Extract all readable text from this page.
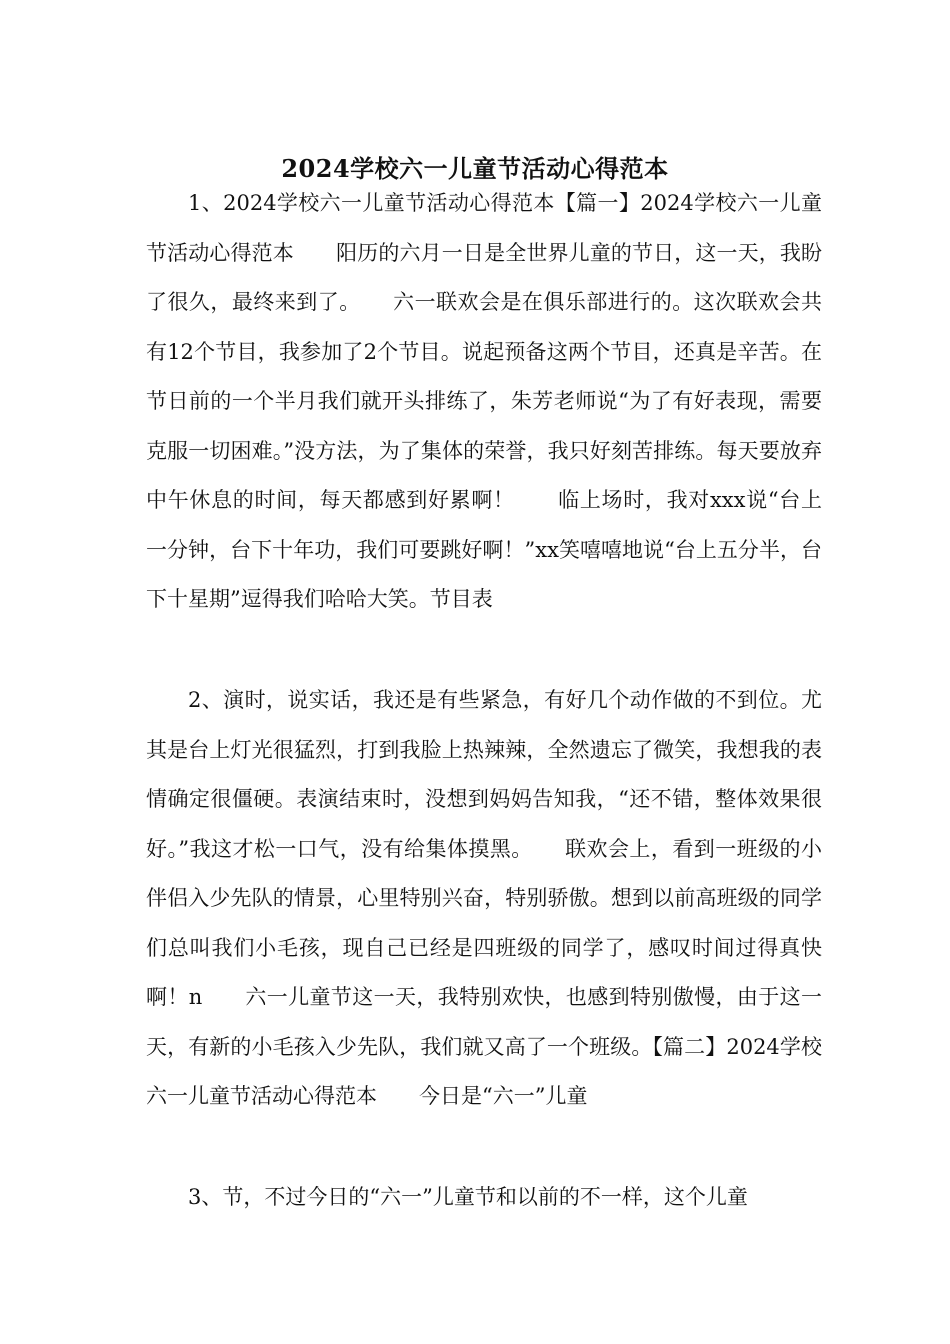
2024学校六一儿童节活动心得范本

1、2024学校六一儿童节活动心得范本【篇一】2024学校六一儿童节活动心得范本　　阳历的六月一日是全世界儿童的节日，这一天，我盼了很久，最终来到了。　　六一联欢会是在俱乐部进行的。这次联欢会共有12个节目，我参加了2个节目。说起预备这两个节目，还真是辛苦。在节日前的一个半月我们就开头排练了，朱芳老师说“为了有好表现，需要克服一切困难。”没方法，为了集体的荣誉，我只好刻苦排练。每天要放弃中午休息的时间，每天都感到好累啊！　　临上场时，我对xxx说“台上一分钟，台下十年功，我们可要跳好啊！”xx笑嘻嘻地说“台上五分半，台下十星期”逗得我们哈哈大笑。节目表

2、演时，说实话，我还是有些紧急，有好几个动作做的不到位。尤其是台上灯光很猛烈，打到我脸上热辣辣，全然遗忘了微笑，我想我的表情确定很僵硬。表演结束时，没想到妈妈告知我，“还不错，整体效果很好。”我这才松一口气，没有给集体摸黑。　　联欢会上，看到一班级的小伴侣入少先队的情景，心里特别兴奋，特别骄傲。想到以前高班级的同学们总叫我们小毛孩，现自己已经是四班级的同学了，感叹时间过得真快啊！n　　六一儿童节这一天，我特别欢快，也感到特别傲慢，由于这一天，有新的小毛孩入少先队，我们就又高了一个班级。【篇二】2024学校六一儿童节活动心得范本　　今日是“六一”儿童

3、节，不过今日的“六一”儿童节和以前的不一样，这个儿童
